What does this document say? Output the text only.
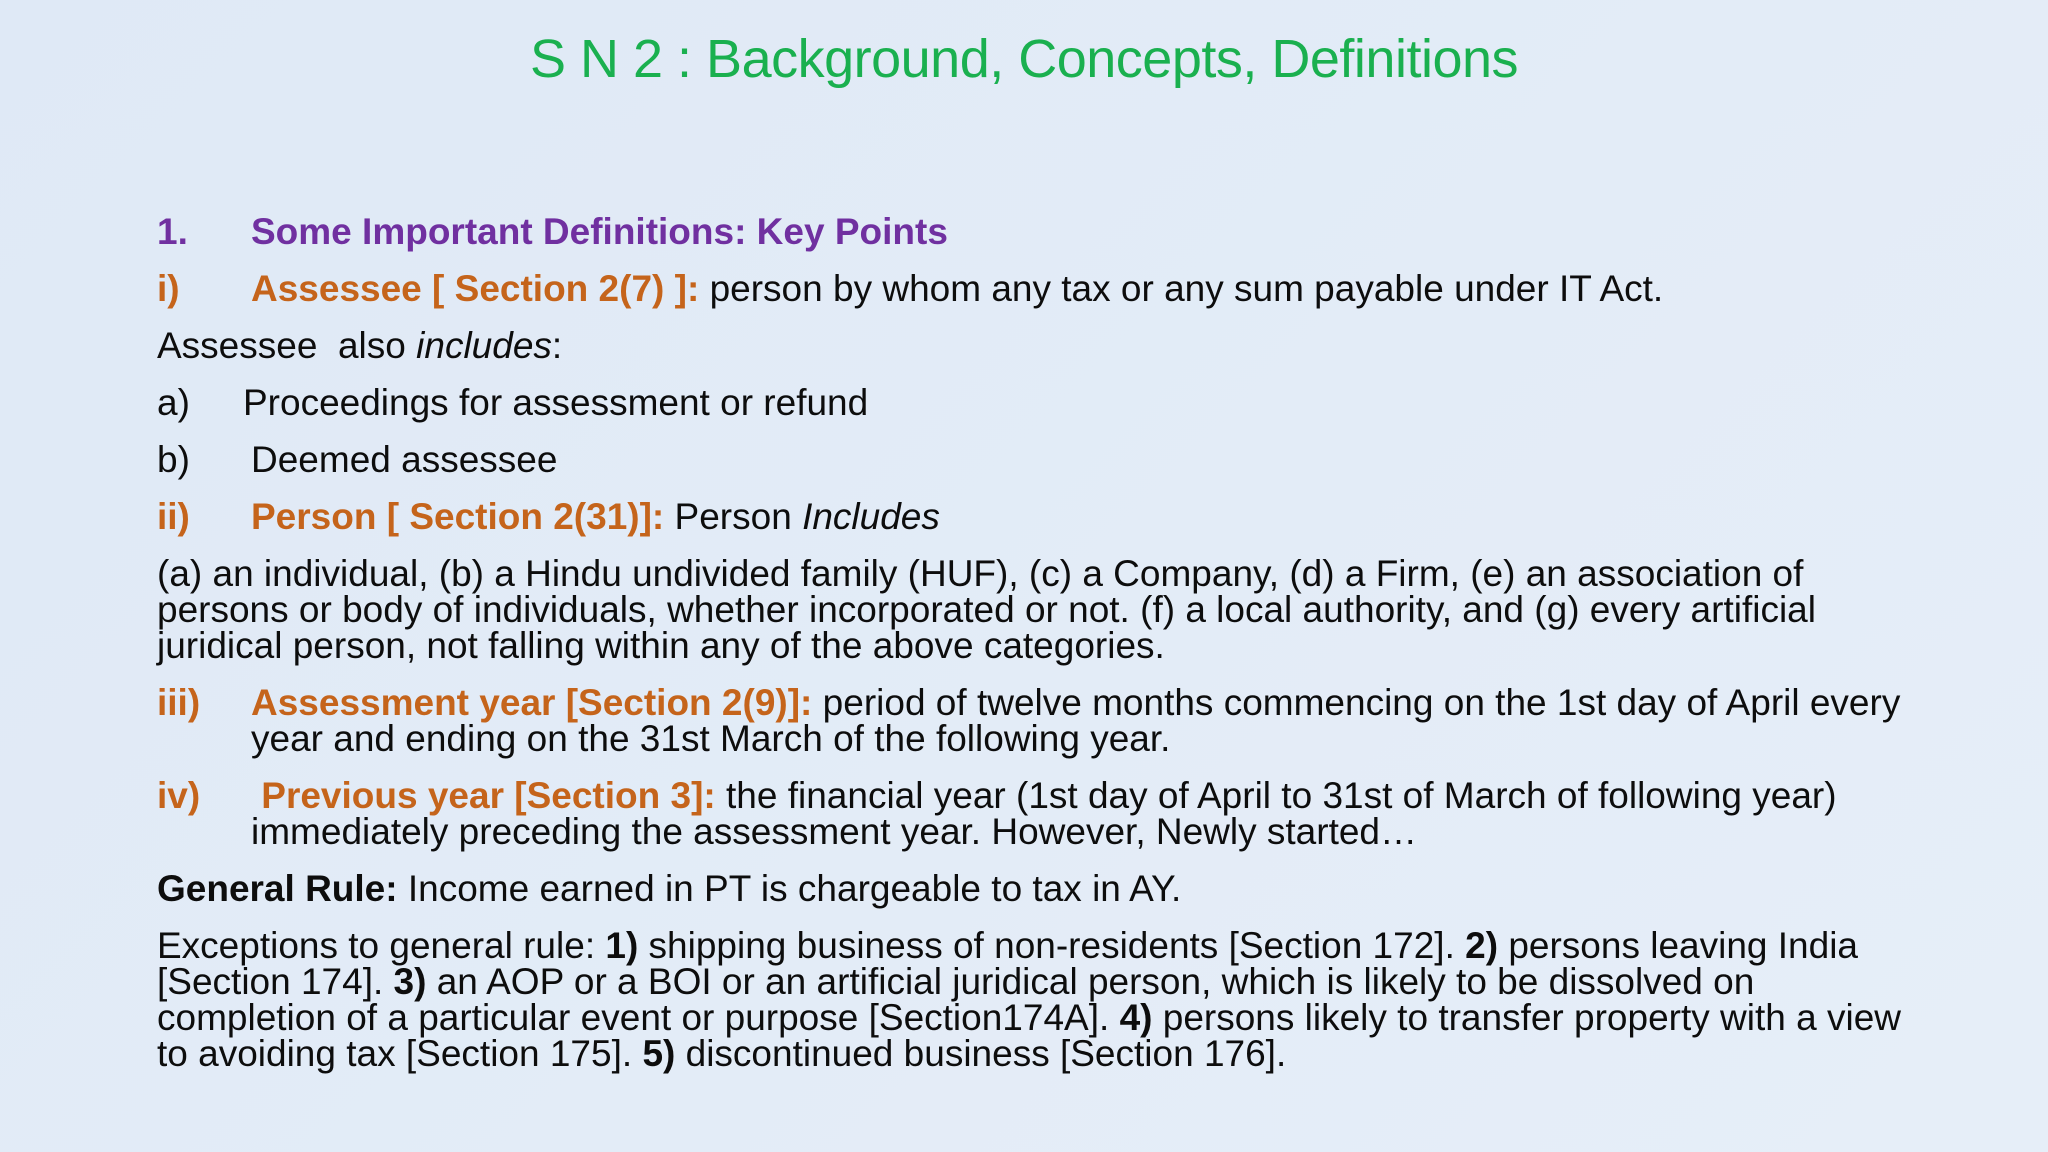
S N 2 : Background, Concepts, Definitions
1.	Some Important Definitions: Key Points
i)	Assessee [ Section 2(7) ]: person by whom any tax or any sum payable under IT Act.
Assessee  also includes :
a)	Proceedings for assessment or refund
b)	Deemed assessee
ii)	Person [ Section 2(31)]: Person Includes
(a) an individual, (b) a Hindu undivided family (HUF), (c) a Company, (d) a Firm, (e) an association of persons or body of individuals, whether incorporated or not. (f) a local authority, and (g) every artificial juridical person, not falling within any of the above categories.
iii)	Assessment year [Section 2(9)]: period of twelve months commencing on the 1st day of April every year and ending on the 31st March of the following year.
iv)	Previous year [Section 3]: the financial year (1st day of April to 31st of March of following year) immediately preceding the assessment year. However, Newly started…
General Rule: Income earned in PT is chargeable to tax in AY.
Exceptions to general rule: 1) shipping business of non-residents [Section 172]. 2) persons leaving India [Section 174]. 3) an AOP or a BOI or an artificial juridical person, which is likely to be dissolved on completion of a particular event or purpose [Section174A]. 4) persons likely to transfer property with a view to avoiding tax [Section 175]. 5) discontinued business [Section 176].
